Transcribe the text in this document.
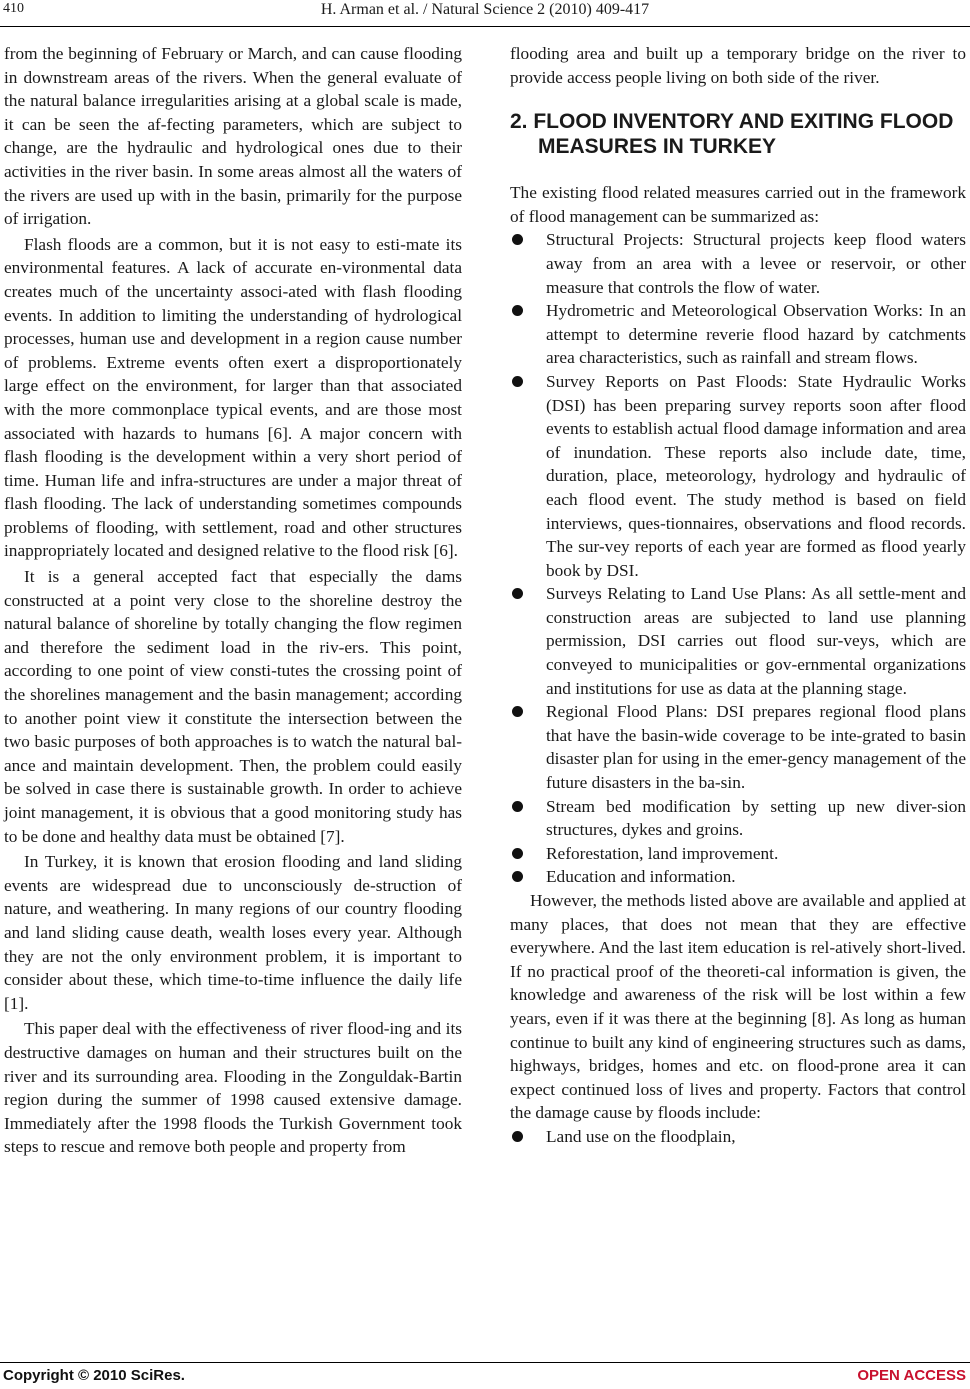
410	H. Arman et al. / Natural Science 2 (2010) 409-417

from the beginning of February or March, and can cause flooding in downstream areas of the rivers. When the general evaluate of the natural balance irregularities arising at a global scale is made, it can be seen the af-fecting parameters, which are subject to change, are the hydraulic and hydrological ones due to their activities in the river basin. In some areas almost all the waters of the rivers are used up with in the basin, primarily for the purpose of irrigation.

Flash floods are a common, but it is not easy to esti-mate its environmental features. A lack of accurate en-vironmental data creates much of the uncertainty associ-ated with flash flooding events. In addition to limiting the understanding of hydrological processes, human use and development in a region cause number of problems. Extreme events often exert a disproportionately large effect on the environment, for larger than that associated with the more commonplace typical events, and are those most associated with hazards to humans [6]. A major concern with flash flooding is the development within a very short period of time. Human life and infra-structures are under a major threat of flash flooding. The lack of understanding sometimes compounds problems of flooding, with settlement, road and other structures inappropriately located and designed relative to the flood risk [6].

It is a general accepted fact that especially the dams constructed at a point very close to the shoreline destroy the natural balance of shoreline by totally changing the flow regimen and therefore the sediment load in the riv-ers. This point, according to one point of view consti-tutes the crossing point of the shorelines management and the basin management; according to another point view it constitute the intersection between the two basic purposes of both approaches is to watch the natural bal-ance and maintain development. Then, the problem could easily be solved in case there is sustainable growth. In order to achieve joint management, it is obvious that a good monitoring study has to be done and healthy data must be obtained [7].

In Turkey, it is known that erosion flooding and land sliding events are widespread due to unconsciously de-struction of nature, and weathering. In many regions of our country flooding and land sliding cause death, wealth loses every year. Although they are not the only environment problem, it is important to consider about these, which time-to-time influence the daily life [1].

This paper deal with the effectiveness of river flood-ing and its destructive damages on human and their structures built on the river and its surrounding area. Flooding in the Zonguldak-Bartin region during the summer of 1998 caused extensive damage. Immediately after the 1998 floods the Turkish Government took steps to rescue and remove both people and property from

flooding area and built up a temporary bridge on the river to provide access people living on both side of the river.

2. FLOOD INVENTORY AND EXITING FLOOD MEASURES IN TURKEY

The existing flood related measures carried out in the framework of flood management can be summarized as:

Structural Projects: Structural projects keep flood waters away from an area with a levee or reservoir, or other measure that controls the flow of water.
Hydrometric and Meteorological Observation Works: In an attempt to determine reverie flood hazard by catchments area characteristics, such as rainfall and stream flows.
Survey Reports on Past Floods: State Hydraulic Works (DSI) has been preparing survey reports soon after flood events to establish actual flood damage information and area of inundation. These reports also include date, time, duration, place, meteorology, hydrology and hydraulic of each flood event. The study method is based on field interviews, ques-tionnaires, observations and flood records. The sur-vey reports of each year are formed as flood yearly book by DSI.
Surveys Relating to Land Use Plans: As all settle-ment and construction areas are subjected to land use planning permission, DSI carries out flood sur-veys, which are conveyed to municipalities or gov-ernmental organizations and institutions for use as data at the planning stage.
Regional Flood Plans: DSI prepares regional flood plans that have the basin-wide coverage to be inte-grated to basin disaster plan for using in the emer-gency management of the future disasters in the ba-sin.
Stream bed modification by setting up new diver-sion structures, dykes and groins.
Reforestation, land improvement.
Education and information.

However, the methods listed above are available and applied at many places, that does not mean that they are effective everywhere. And the last item education is rel-atively short-lived. If no practical proof of the theoreti-cal information is given, the knowledge and awareness of the risk will be lost within a few years, even if it was there at the beginning [8]. As long as human continue to built any kind of engineering structures such as dams, highways, bridges, homes and etc. on flood-prone area it can expect continued loss of lives and property. Factors that control the damage cause by floods include:

Land use on the floodplain,
Copyright © 2010 SciRes.	OPEN ACCESS
